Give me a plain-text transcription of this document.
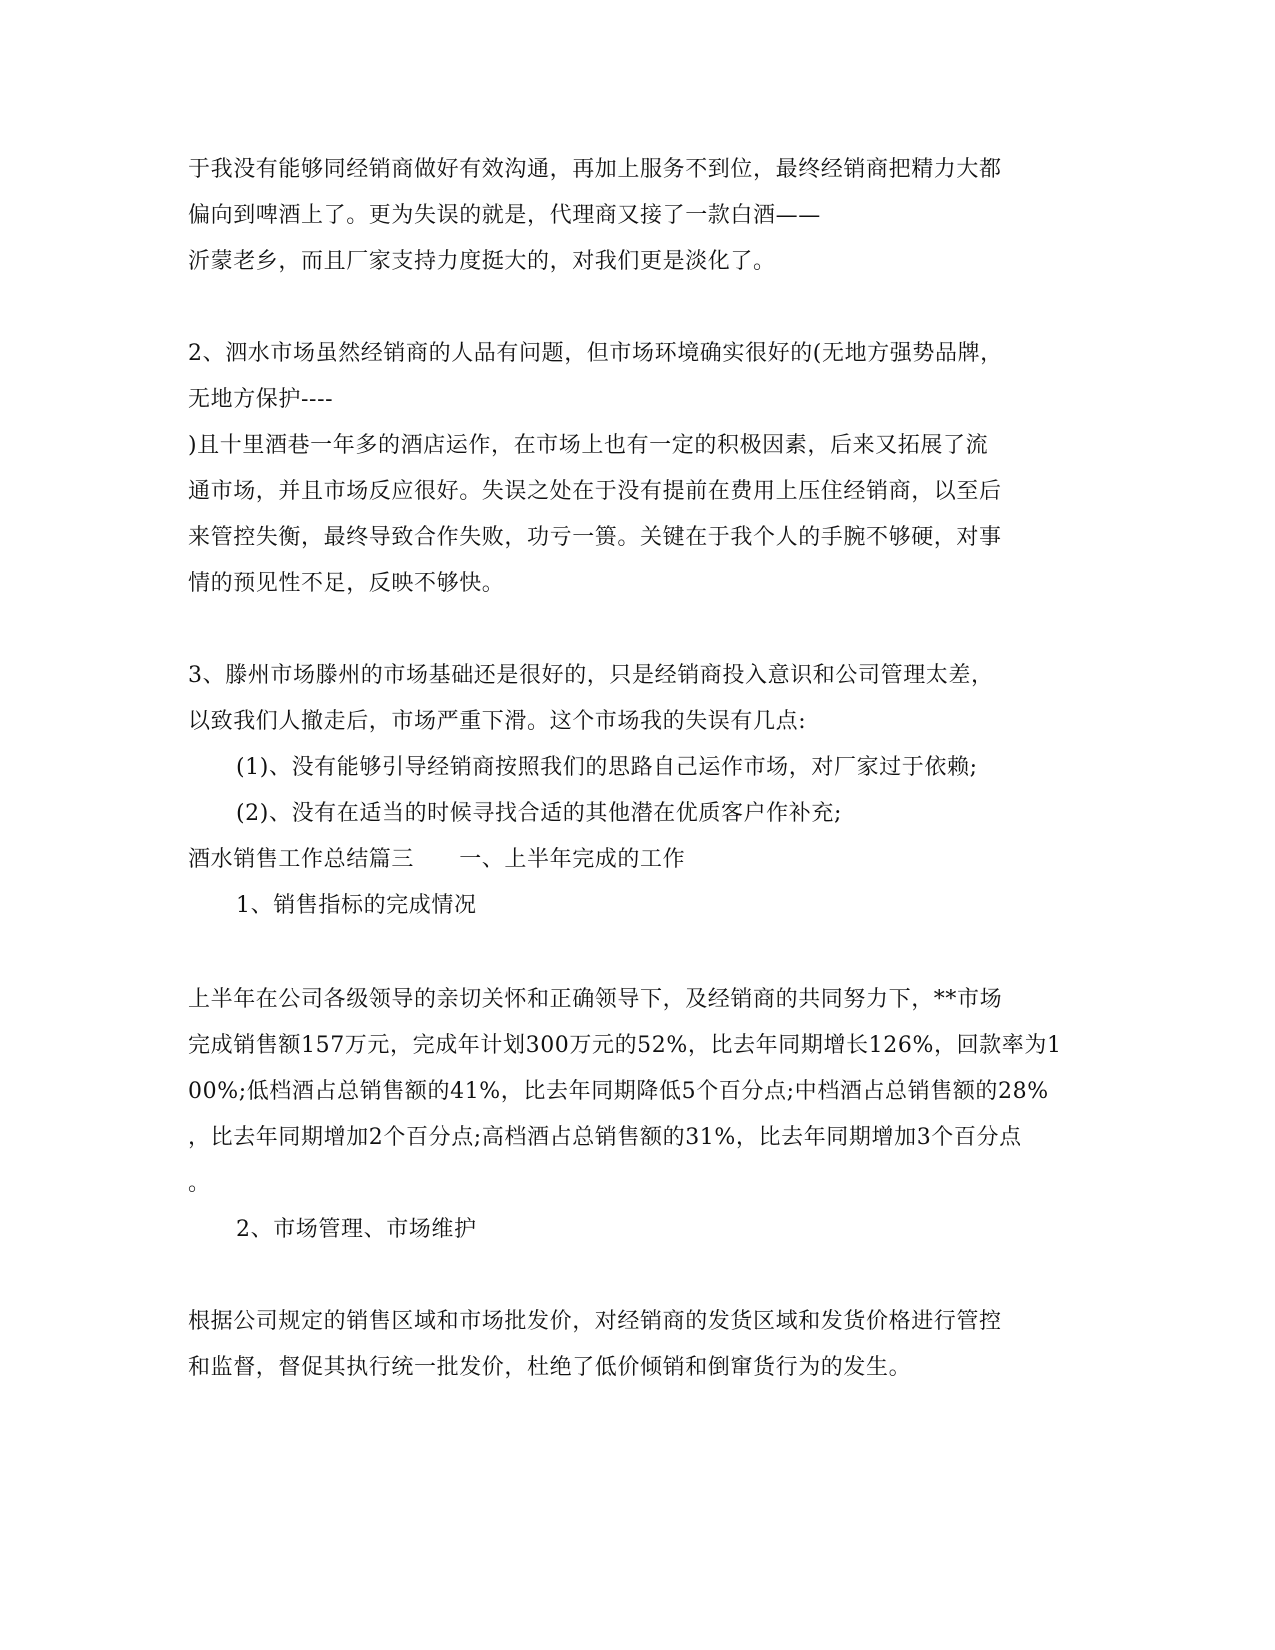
于我没有能够同经销商做好有效沟通，再加上服务不到位，最终经销商把精力大都
偏向到啤酒上了。更为失误的就是，代理商又接了一款白酒——
沂蒙老乡，而且厂家支持力度挺大的，对我们更是淡化了。
2、泗水市场虽然经销商的人品有问题，但市场环境确实很好的(无地方强势品牌，
无地方保护----
)且十里酒巷一年多的酒店运作，在市场上也有一定的积极因素，后来又拓展了流
通市场，并且市场反应很好。失误之处在于没有提前在费用上压住经销商，以至后
来管控失衡，最终导致合作失败，功亏一篑。关键在于我个人的手腕不够硬，对事
情的预见性不足，反映不够快。
3、滕州市场滕州的市场基础还是很好的，只是经销商投入意识和公司管理太差，
以致我们人撤走后，市场严重下滑。这个市场我的失误有几点:
(1)、没有能够引导经销商按照我们的思路自己运作市场，对厂家过于依赖;
(2)、没有在适当的时候寻找合适的其他潜在优质客户作补充;
酒水销售工作总结篇三　　一、上半年完成的工作
1、销售指标的完成情况
上半年在公司各级领导的亲切关怀和正确领导下，及经销商的共同努力下，**市场
完成销售额157万元，完成年计划300万元的52%，比去年同期增长126%，回款率为1
00%;低档酒占总销售额的41%，比去年同期降低5个百分点;中档酒占总销售额的28%
，比去年同期增加2个百分点;高档酒占总销售额的31%，比去年同期增加3个百分点
。
2、市场管理、市场维护
根据公司规定的销售区域和市场批发价，对经销商的发货区域和发货价格进行管控
和监督，督促其执行统一批发价，杜绝了低价倾销和倒窜货行为的发生。
